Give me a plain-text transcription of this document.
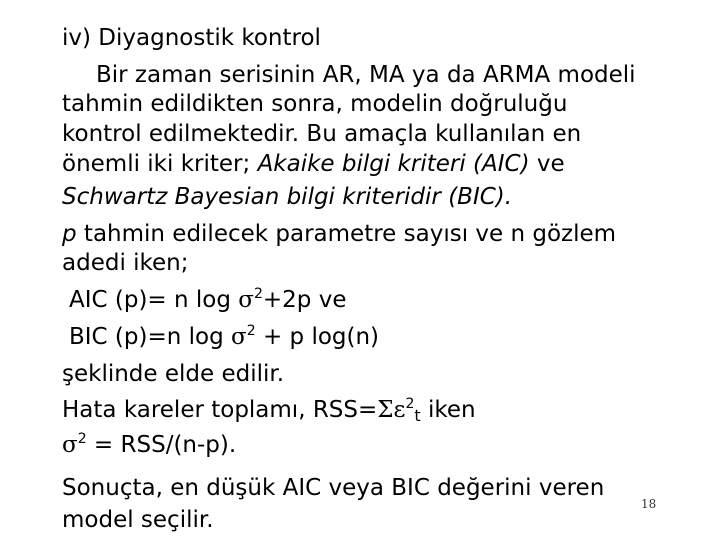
iv) Diyagnostik kontrol
Bir zaman serisinin AR, MA ya da ARMA modeli
tahmin edildikten sonra, modelin doğruluğu
kontrol edilmektedir. Bu amaçla kullanılan en
önemli iki kriter; Akaike bilgi kriteri (AIC) ve
Schwartz Bayesian bilgi kriteridir (BIC).
p tahmin edilecek parametre sayısı ve n gözlem
adedi iken;
AIC (p)= n $\log \sigma^2+2p$ ve
BIC (p)=n $\log \sigma^2 + p$ log(n)
şeklinde elde edilir.
Hata kareler toplamı, $RSS=\Sigma\varepsilon^2_t$ iken
$\sigma^2 = RSS/(n-p)$.
Sonuçta, en düşük AIC veya BIC değerini veren
model seçilir.
18
